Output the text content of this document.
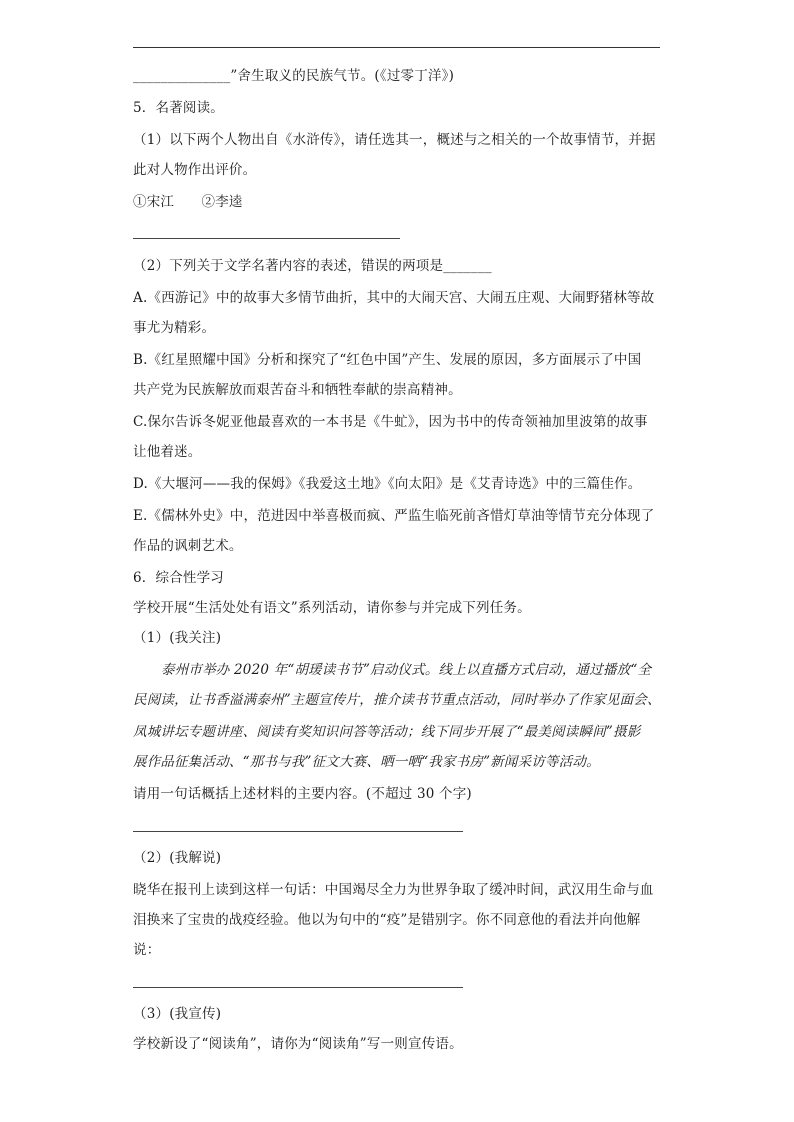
______________”舍生取义的民族气节。(《过零丁洋》)
5．名著阅读。
（1）以下两个人物出自《水浒传》，请任选其一，概述与之相关的一个故事情节，并据
此对人物作出评价。
①宋江　　②李逵
（2）下列关于文学名著内容的表述，错误的两项是_______
A.《西游记》中的故事大多情节曲折，其中的大闹天宫、大闹五庄观、大闹野猪林等故
事尤为精彩。
B.《红星照耀中国》分析和探究了“红色中国”产生、发展的原因，多方面展示了中国
共产党为民族解放而艰苦奋斗和牺牲奉献的崇高精神。
C.保尔告诉冬妮亚他最喜欢的一本书是《牛虻》，因为书中的传奇领袖加里波第的故事
让他着迷。
D.《大堰河——我的保姆》《我爱这土地》《向太阳》是《艾青诗选》中的三篇佳作。
E.《儒林外史》中，范进因中举喜极而疯、严监生临死前吝惜灯草油等情节充分体现了
作品的讽刺艺术。
6．综合性学习
学校开展“生活处处有语文”系列活动，请你参与并完成下列任务。
（1）(我关注)
泰州市举办 2020 年“胡瑗读书节”启动仪式。线上以直播方式启动，通过播放“全
民阅读，让书香溢满泰州”主题宣传片，推介读书节重点活动，同时举办了作家见面会、
凤城讲坛专题讲座、阅读有奖知识问答等活动；线下同步开展了“最美阅读瞬间”摄影
展作品征集活动、“那书与我”征文大赛、晒一晒“我家书房”新闻采访等活动。
请用一句话概括上述材料的主要内容。(不超过 30 个字)
（2）(我解说)
晓华在报刊上读到这样一句话：中国竭尽全力为世界争取了缓冲时间，武汉用生命与血
泪换来了宝贵的战疫经验。他以为句中的“疫”是错别字。你不同意他的看法并向他解
说：
（3）(我宣传)
学校新设了“阅读角”，请你为“阅读角”写一则宣传语。
